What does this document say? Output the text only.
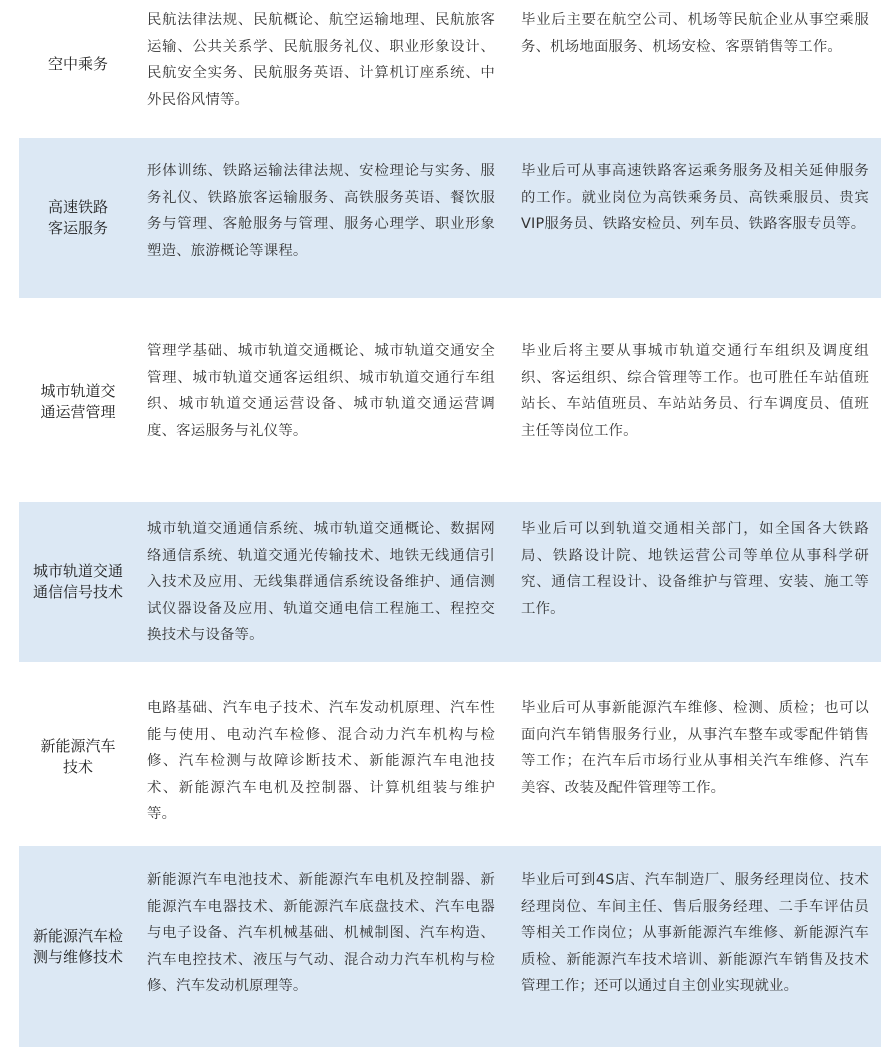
空中乘务
民航法律法规、民航概论、航空运输地理、民航旅客运输、公共关系学、民航服务礼仪、职业形象设计、民航安全实务、民航服务英语、计算机订座系统、中外民俗风情等。
毕业后主要在航空公司、机场等民航企业从事空乘服务、机场地面服务、机场安检、客票销售等工作。
高速铁路
客运服务
形体训练、铁路运输法律法规、安检理论与实务、服务礼仪、铁路旅客运输服务、高铁服务英语、餐饮服务与管理、客舱服务与管理、服务心理学、职业形象塑造、旅游概论等课程。
毕业后可从事高速铁路客运乘务服务及相关延伸服务的工作。就业岗位为高铁乘务员、高铁乘服员、贵宾VIP服务员、铁路安检员、列车员、铁路客服专员等。
城市轨道交
通运营管理
管理学基础、城市轨道交通概论、城市轨道交通安全管理、城市轨道交通客运组织、城市轨道交通行车组织、城市轨道交通运营设备、城市轨道交通运营调度、客运服务与礼仪等。
毕业后将主要从事城市轨道交通行车组织及调度组织、客运组织、综合管理等工作。也可胜任车站值班站长、车站值班员、车站站务员、行车调度员、值班主任等岗位工作。
城市轨道交通
通信信号技术
城市轨道交通通信系统、城市轨道交通概论、数据网络通信系统、轨道交通光传输技术、地铁无线通信引入技术及应用、无线集群通信系统设备维护、通信测试仪器设备及应用、轨道交通电信工程施工、程控交换技术与设备等。
毕业后可以到轨道交通相关部门，如全国各大铁路局、铁路设计院、地铁运营公司等单位从事科学研究、通信工程设计、设备维护与管理、安装、施工等工作。
新能源汽车
技术
电路基础、汽车电子技术、汽车发动机原理、汽车性能与使用、电动汽车检修、混合动力汽车机构与检修、汽车检测与故障诊断技术、新能源汽车电池技术、新能源汽车电机及控制器、计算机组装与维护等。
毕业后可从事新能源汽车维修、检测、质检；也可以面向汽车销售服务行业，从事汽车整车或零配件销售等工作；在汽车后市场行业从事相关汽车维修、汽车美容、改装及配件管理等工作。
新能源汽车检
测与维修技术
新能源汽车电池技术、新能源汽车电机及控制器、新能源汽车电器技术、新能源汽车底盘技术、汽车电器与电子设备、汽车机械基础、机械制图、汽车构造、汽车电控技术、液压与气动、混合动力汽车机构与检修、汽车发动机原理等。
毕业后可到4S店、汽车制造厂、服务经理岗位、技术经理岗位、车间主任、售后服务经理、二手车评估员等相关工作岗位；从事新能源汽车维修、新能源汽车质检、新能源汽车技术培训、新能源汽车销售及技术管理工作；还可以通过自主创业实现就业。
